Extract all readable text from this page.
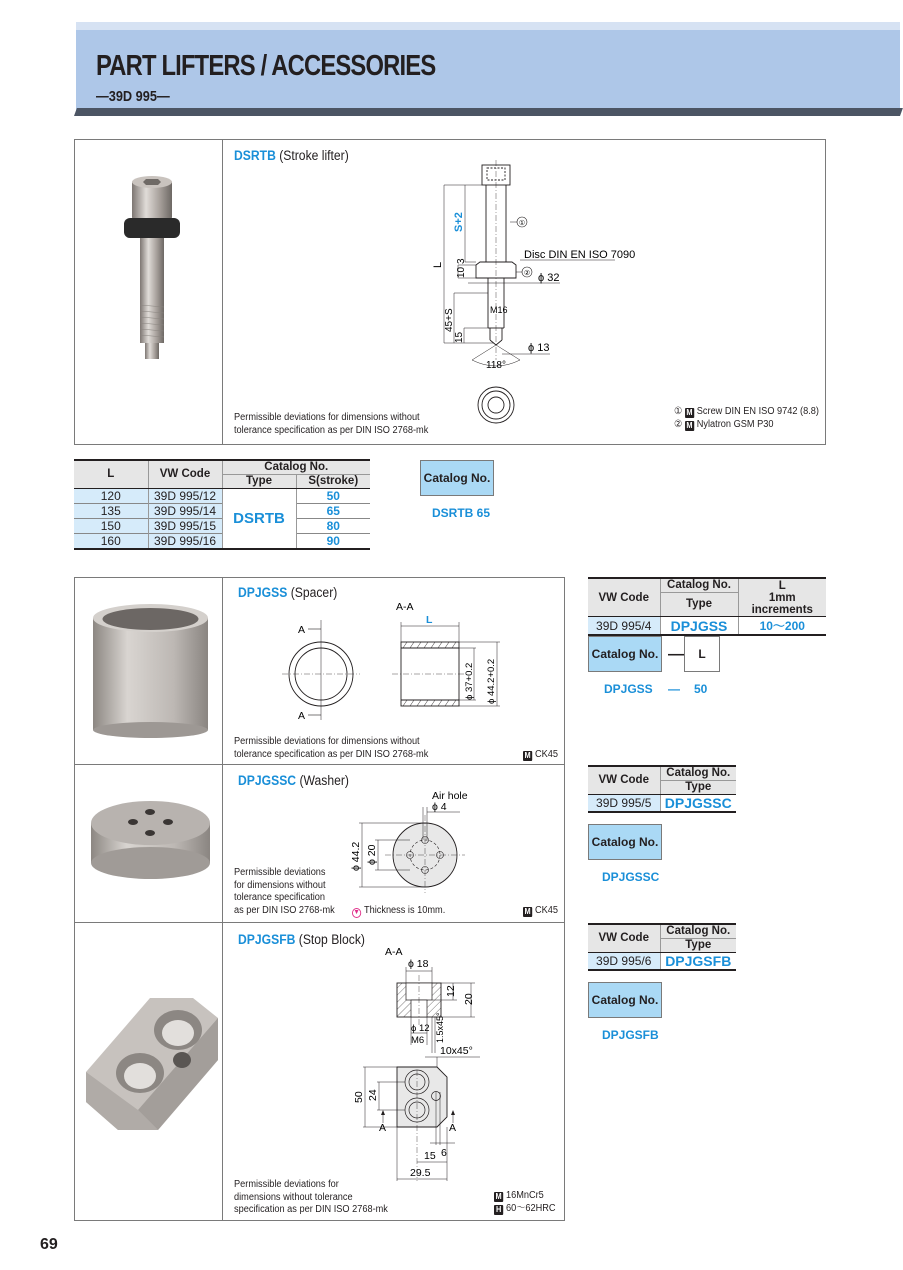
PART LIFTERS / ACCESSORIES
—39D 995—
DSRTB (Stroke lifter)
①
②
Disc DIN EN ISO 7090
ϕ 32
ϕ 13
118°
M16
L
S+2
3
10
45+S
15
Permissible deviations for dimensions without
tolerance specification as per DIN ISO 2768-mk
① M Screw DIN EN ISO 9742 (8.8)
② M Nylatron GSM P30
L	VW Code	Catalog No.	
		Type	S(stroke)
120	39D 995/12	DSRTB	50
135	39D 995/14		65
150	39D 995/15		80
160	39D 995/16		90
Catalog No.
DSRTB 65
DPJGSS (Spacer)
A
A
A-A
L
ϕ 37+0.2 ϕ 44.2+0.2
Permissible deviations for dimensions without
tolerance specification as per DIN ISO 2768-mk	M CK45
DPJGSSC (Washer)
Air hole
ϕ 4
ϕ 44.2 ϕ 20
Permissible deviations
for dimensions without
tolerance specification
as per DIN ISO 2768-mk	▼ Thickness is 10mm.	M CK45
DPJGSFB (Stop Block)
A-A
ϕ 18
ϕ 12
M6
12
20
1.5x45°
10x45°
50 24
A	A
6
15
29.5
Permissible deviations for
dimensions without tolerance
specification as per DIN ISO 2768-mk
M 16MnCr5
H 60～62HRC
VW Code	Catalog No.	L
	Type	1mm increments
39D 995/4	DPJGSS	10～200
Catalog No. —	L
DPJGSS — 50
VW Code	Catalog No.
	Type
39D 995/5	DPJGSSC
Catalog No.
DPJGSSC
VW Code	Catalog No.
	Type
39D 995/6	DPJGSFB
Catalog No.
DPJGSFB
69
